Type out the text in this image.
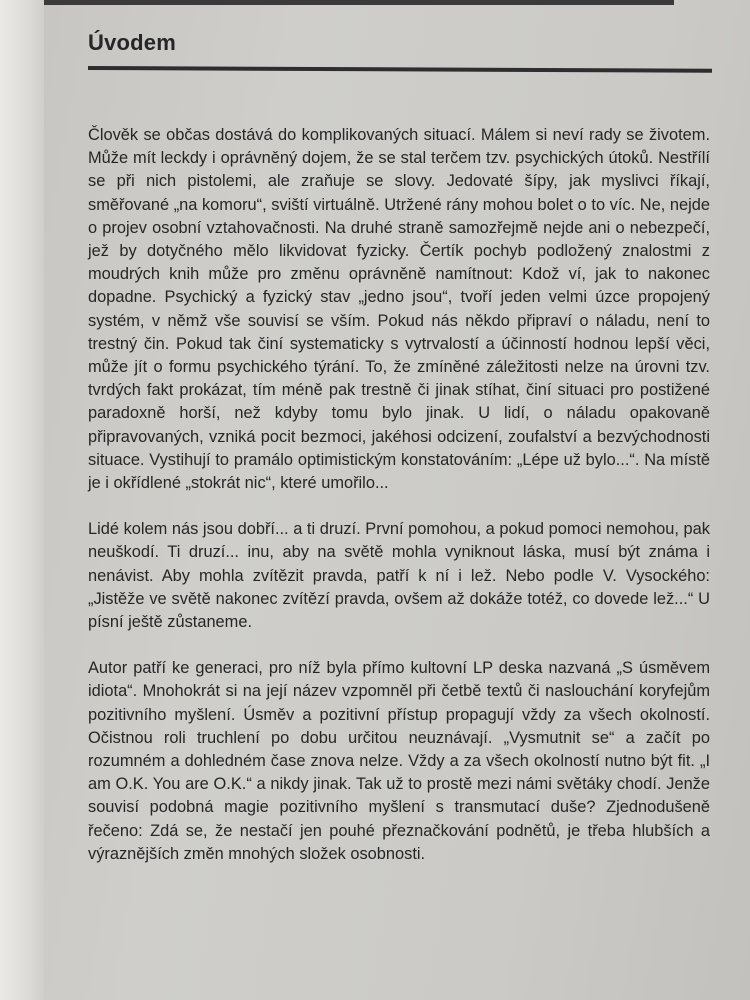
Úvodem

Člověk se občas dostává do komplikovaných situací. Málem si neví rady se životem. Může mít leckdy i oprávněný dojem, že se stal terčem tzv. psychických útoků. Nestřílí se při nich pistolemi, ale zraňuje se slovy. Jedovaté šípy, jak myslivci říkají, směřované „na komoru“, sviští virtuálně. Utržené rány mohou bolet o to víc. Ne, nejde o projev osobní vztahovačnosti. Na druhé straně samozřejmě nejde ani o nebezpečí, jež by dotyčného mělo likvidovat fyzicky. Čertík pochyb podložený znalostmi z moudrých knih může pro změnu oprávněně namítnout: Kdož ví, jak to nakonec dopadne. Psychický a fyzický stav „jedno jsou“, tvoří jeden velmi úzce propojený systém, v němž vše souvisí se vším. Pokud nás někdo připraví o náladu, není to trestný čin. Pokud tak činí systematicky s vytrvalostí a účinností hodnou lepší věci, může jít o formu psychického týrání. To, že zmíněné záležitosti nelze na úrovni tzv. tvrdých fakt prokázat, tím méně pak trestně či jinak stíhat, činí situaci pro postižené paradoxně horší, než kdyby tomu bylo jinak. U lidí, o náladu opakovaně připravovaných, vzniká pocit bezmoci, jakéhosi odcizení, zoufalství a bezvýchodnosti situace. Vystihují to pramálo optimistickým konstatováním: „Lépe už bylo...“. Na místě je i okřídlené „stokrát nic“, které umořilo...

Lidé kolem nás jsou dobří... a ti druzí. První pomohou, a pokud pomoci nemohou, pak neuškodí. Ti druzí... inu, aby na světě mohla vyniknout láska, musí být známa i nenávist. Aby mohla zvítězit pravda, patří k ní i lež. Nebo podle V. Vysockého: „Jistěže ve světě nakonec zvítězí pravda, ovšem až dokáže totéž, co dovede lež...“ U písní ještě zůstaneme.

Autor patří ke generaci, pro níž byla přímo kultovní LP deska nazvaná „S úsměvem idiota“. Mnohokrát si na její název vzpomněl při četbě textů či naslouchání koryfejům pozitivního myšlení. Úsměv a pozitivní přístup propagují vždy za všech okolností. Očistnou roli truchlení po dobu určitou neuznávají. „Vysmutnit se“ a začít po rozumném a dohledném čase znova nelze. Vždy a za všech okolností nutno být fit. „I am O.K. You are O.K.“ a nikdy jinak. Tak už to prostě mezi námi světáky chodí. Jenže souvisí podobná magie pozitivního myšlení s transmutací duše? Zjednodušeně řečeno: Zdá se, že nestačí jen pouhé přeznačkování podnětů, je třeba hlubších a výraznějších změn mnohých složek osobnosti.
